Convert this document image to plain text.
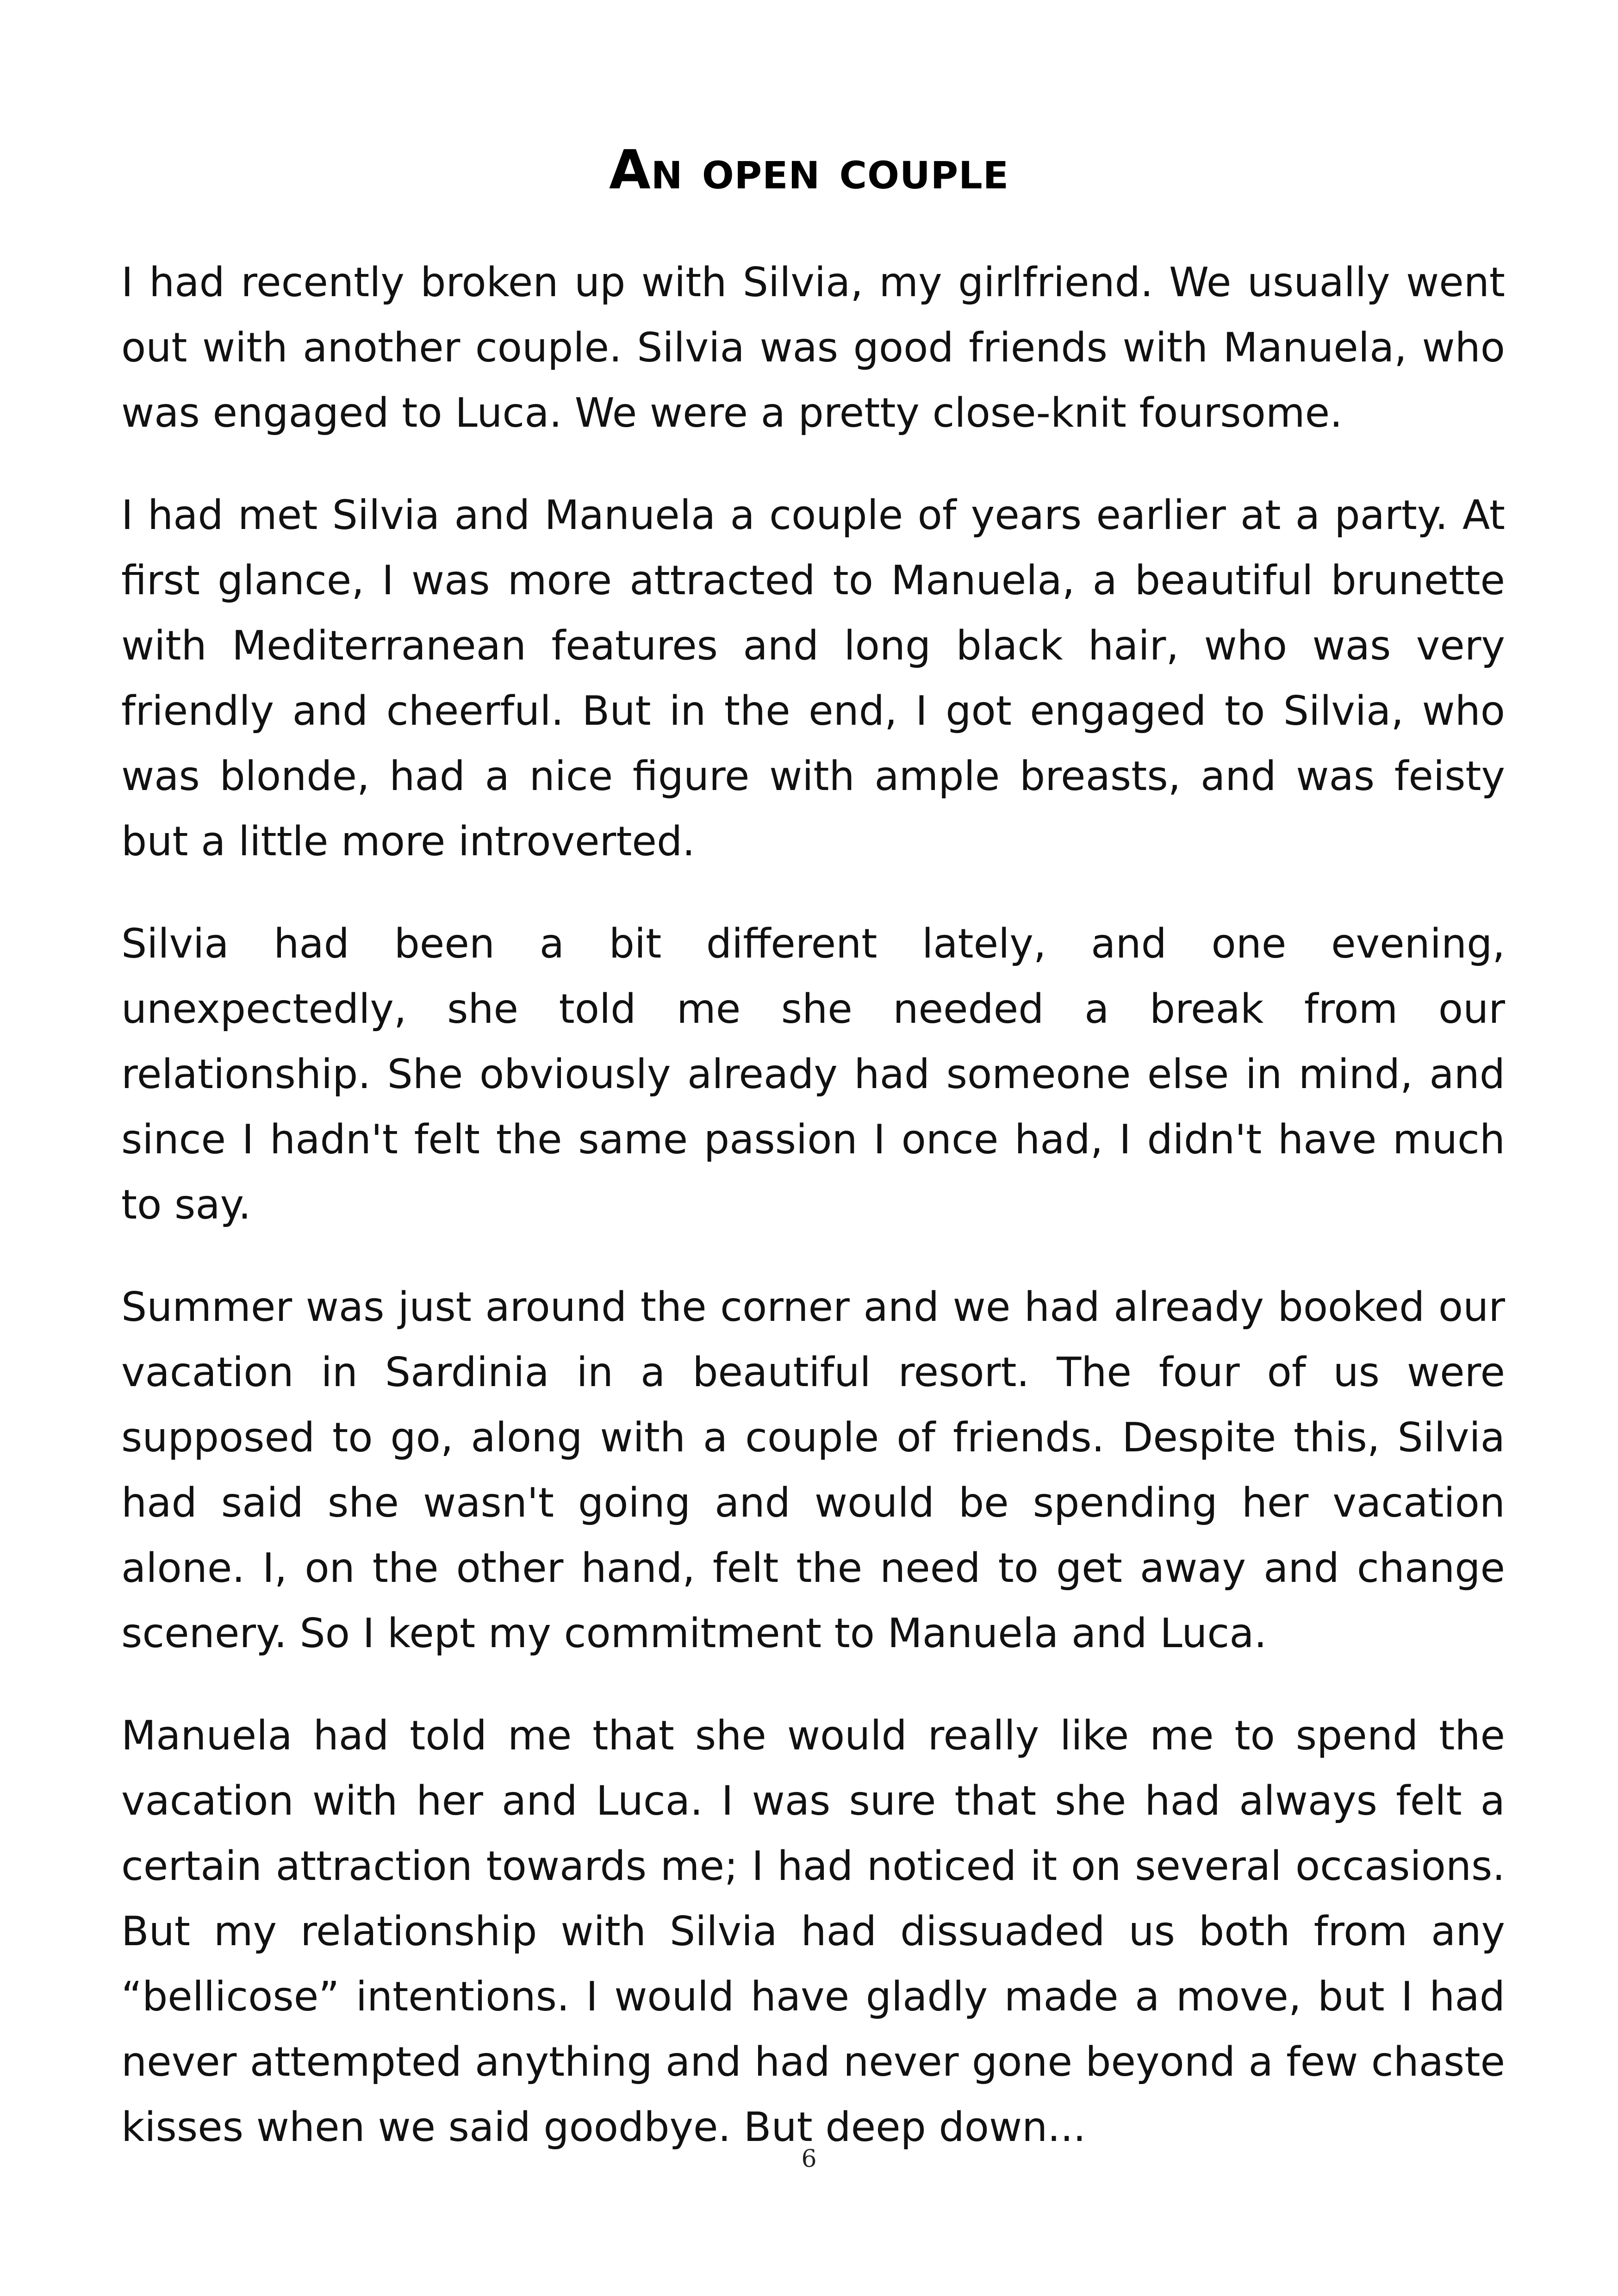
An open couple

I had recently broken up with Silvia, my girlfriend. We usually went out with another couple. Silvia was good friends with Manuela, who was engaged to Luca. We were a pretty close-knit foursome.

I had met Silvia and Manuela a couple of years earlier at a party. At first glance, I was more attracted to Manuela, a beautiful brunette with Mediterranean features and long black hair, who was very friendly and cheerful. But in the end, I got engaged to Silvia, who was blonde, had a nice figure with ample breasts, and was feisty but a little more introverted.

Silvia had been a bit different lately, and one evening, unexpectedly, she told me she needed a break from our relationship. She obviously already had someone else in mind, and since I hadn't felt the same passion I once had, I didn't have much to say.

Summer was just around the corner and we had already booked our vacation in Sardinia in a beautiful resort. The four of us were supposed to go, along with a couple of friends. Despite this, Silvia had said she wasn't going and would be spending her vacation alone. I, on the other hand, felt the need to get away and change scenery. So I kept my commitment to Manuela and Luca.

Manuela had told me that she would really like me to spend the vacation with her and Luca. I was sure that she had always felt a certain attraction towards me; I had noticed it on several occasions. But my relationship with Silvia had dissuaded us both from any “bellicose” intentions. I would have gladly made a move, but I had never attempted anything and had never gone beyond a few chaste kisses when we said goodbye. But deep down...

6
